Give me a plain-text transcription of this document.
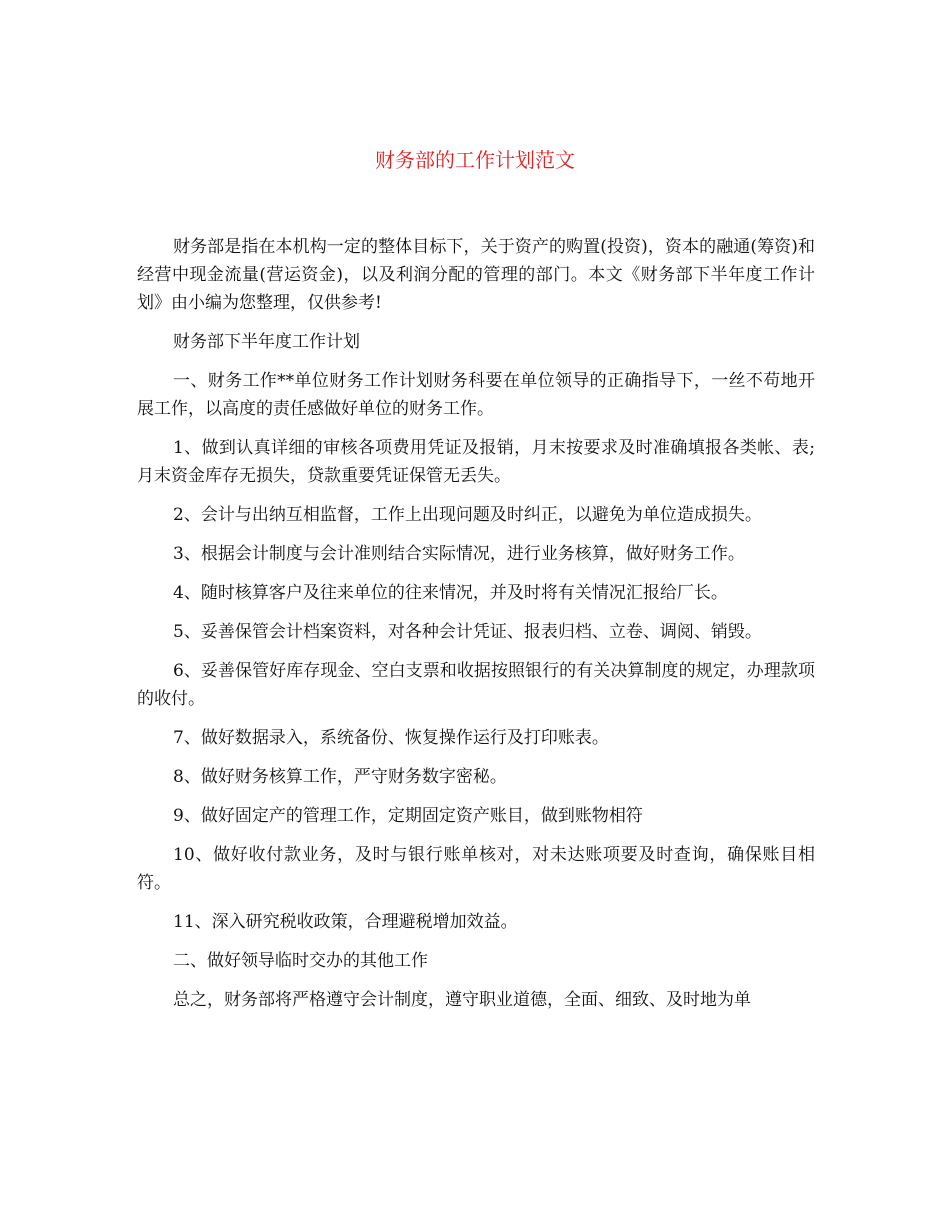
财务部的工作计划范文

财务部是指在本机构一定的整体目标下，关于资产的购置(投资)，资本的融通(筹资)和经营中现金流量(营运资金)，以及利润分配的管理的部门。本文《财务部下半年度工作计划》由小编为您整理，仅供参考!

财务部下半年度工作计划

一、财务工作**单位财务工作计划财务科要在单位领导的正确指导下，一丝不苟地开展工作，以高度的责任感做好单位的财务工作。

1、做到认真详细的审核各项费用凭证及报销，月末按要求及时准确填报各类帐、表;月末资金库存无损失，贷款重要凭证保管无丢失。

2、会计与出纳互相监督，工作上出现问题及时纠正，以避免为单位造成损失。

3、根据会计制度与会计准则结合实际情况，进行业务核算，做好财务工作。

4、随时核算客户及往来单位的往来情况，并及时将有关情况汇报给厂长。

5、妥善保管会计档案资料，对各种会计凭证、报表归档、立卷、调阅、销毁。

6、妥善保管好库存现金、空白支票和收据按照银行的有关决算制度的规定，办理款项的收付。

7、做好数据录入，系统备份、恢复操作运行及打印账表。

8、做好财务核算工作，严守财务数字密秘。

9、做好固定产的管理工作，定期固定资产账目，做到账物相符

10、做好收付款业务，及时与银行账单核对，对未达账项要及时查询，确保账目相符。

11、深入研究税收政策，合理避税增加效益。

二、做好领导临时交办的其他工作

总之，财务部将严格遵守会计制度，遵守职业道德，全面、细致、及时地为单
